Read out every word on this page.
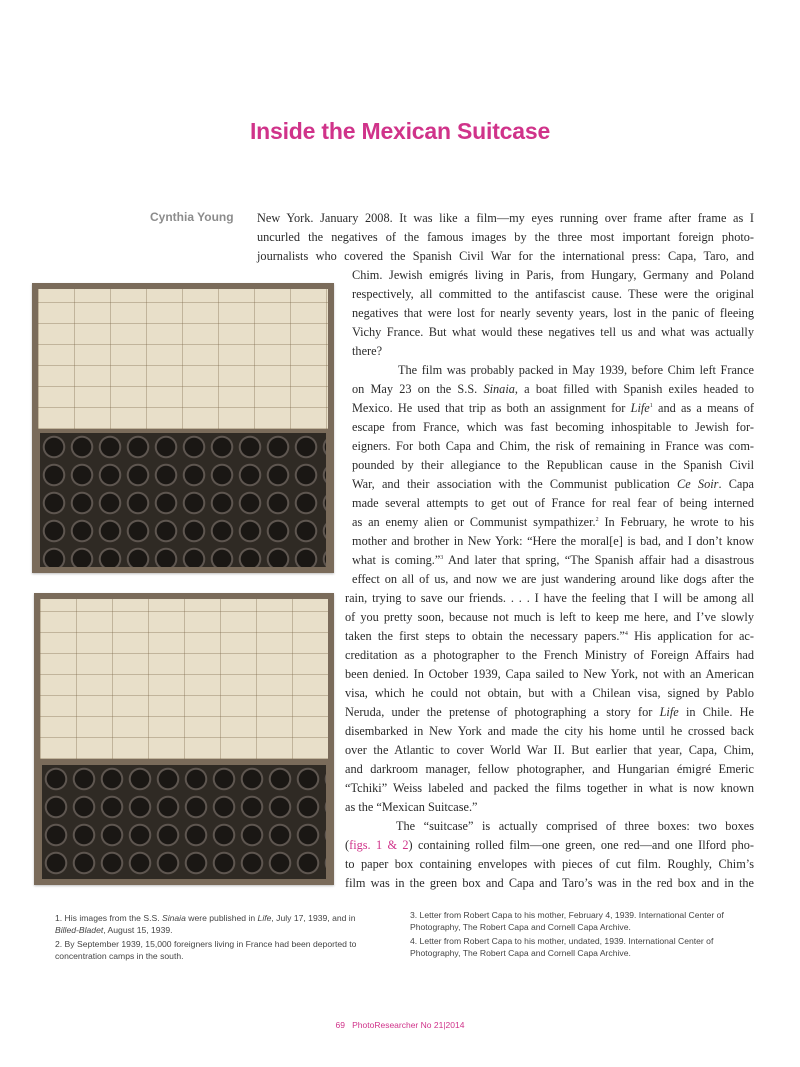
Inside the Mexican Suitcase
Cynthia Young New York. January 2008. It was like a film—my eyes running over frame after frame as I
uncurled the negatives of the famous images by the three most important foreign photo-
journalists who covered the Spanish Civil War for the international press: Capa, Taro, and
Chim. Jewish emigrés living in Paris, from Hungary, Germany and Poland
respectively, all committed to the antifascist cause. These were the original
negatives that were lost for nearly seventy years, lost in the panic of fleeing
Vichy France. But what would these negatives tell us and what was actually
there?
The film was probably packed in May 1939, before Chim left France
on May 23 on the S.S. Sinaia, a boat filled with Spanish exiles headed to
Mexico. He used that trip as both an assignment for Life$^1$ and as a means of
escape from France, which was fast becoming inhospitable to Jewish for-
eigners. For both Capa and Chim, the risk of remaining in France was com-
pounded by their allegiance to the Republican cause in the Spanish Civil
War, and their association with the Communist publication Ce Soir. Capa
made several attempts to get out of France for real fear of being interned
as an enemy alien or Communist sympathizer.$^2$ In February, he wrote to his
mother and brother in New York: “Here the moral[e] is bad, and I don’t know
what is coming.”$^3$ And later that spring, “The Spanish affair had a disastrous
effect on all of us, and now we are just wandering around like dogs after the
rain, trying to save our friends. . . . I have the feeling that I will be among all
of you pretty soon, because not much is left to keep me here, and I’ve slowly
taken the first steps to obtain the necessary papers.”$^4$ His application for ac-
creditation as a photographer to the French Ministry of Foreign Affairs had
been denied. In October 1939, Capa sailed to New York, not with an American
visa, which he could not obtain, but with a Chilean visa, signed by Pablo
Neruda, under the pretense of photographing a story for Life in Chile. He
disembarked in New York and made the city his home until he crossed back
over the Atlantic to cover World War II. But earlier that year, Capa, Chim,
and darkroom manager, fellow photographer, and Hungarian émigré Emeric
“Tchiki” Weiss labeled and packed the films together in what is now known
as the “Mexican Suitcase.”
The “suitcase” is actually comprised of three boxes: two boxes
(figs. 1 & 2) containing rolled film—one green, one red—and one Ilford pho-
to paper box containing envelopes with pieces of cut film. Roughly, Chim’s
film was in the green box and Capa and Taro’s was in the red box and in the
1. His images from the S.S. Sinaia were published in Life, July 17, 1939, and in
Billed-Bladet, August 15, 1939.
2. By September 1939, 15,000 foreigners living in France had been deported to concentration camps in the south.
3. Letter from Robert Capa to his mother, February 4, 1939. International Center of Photography, The Robert Capa and Cornell Capa Archive.
4. Letter from Robert Capa to his mother, undated, 1939. International Center of Photography, The Robert Capa and Cornell Capa Archive.
69 PhotoResearcher No 21|2014
